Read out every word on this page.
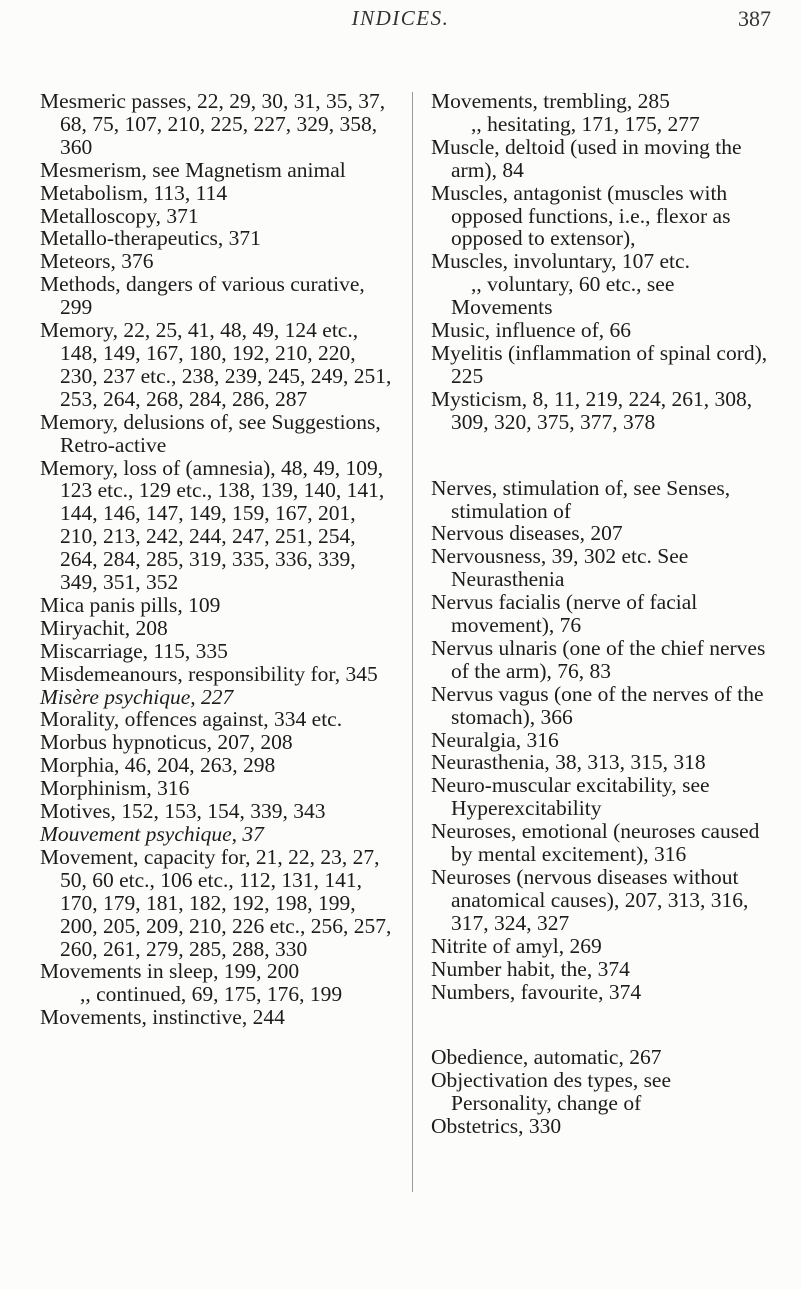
INDICES.	387

Mesmeric passes, 22, 29, 30, 31, 35, 37, 68, 75, 107, 210, 225, 227, 329, 358, 360

Mesmerism, see Magnetism animal

Metabolism, 113, 114

Metalloscopy, 371

Metallo-therapeutics, 371

Meteors, 376

Methods, dangers of various curative, 299

Memory, 22, 25, 41, 48, 49, 124 etc., 148, 149, 167, 180, 192, 210, 220, 230, 237 etc., 238, 239, 245, 249, 251, 253, 264, 268, 284, 286, 287

Memory, delusions of, see Suggestions, Retro-active

Memory, loss of (amnesia), 48, 49, 109, 123 etc., 129 etc., 138, 139, 140, 141, 144, 146, 147, 149, 159, 167, 201, 210, 213, 242, 244, 247, 251, 254, 264, 284, 285, 319, 335, 336, 339, 349, 351, 352

Mica panis pills, 109

Miryachit, 208

Miscarriage, 115, 335

Misdemeanours, responsibility for, 345

Misère psychique, 227

Morality, offences against, 334 etc.

Morbus hypnoticus, 207, 208

Morphia, 46, 204, 263, 298

Morphinism, 316

Motives, 152, 153, 154, 339, 343

Mouvement psychique, 37

Movement, capacity for, 21, 22, 23, 27, 50, 60 etc., 106 etc., 112, 131, 141, 170, 179, 181, 182, 192, 198, 199, 200, 205, 209, 210, 226 etc., 256, 257, 260, 261, 279, 285, 288, 330

Movements in sleep, 199, 200

,, continued, 69, 175, 176, 199

Movements, instinctive, 244

Movements, trembling, 285

,, hesitating, 171, 175, 277

Muscle, deltoid (used in moving the arm), 84

Muscles, antagonist (muscles with opposed functions, i.e., flexor as opposed to extensor),

Muscles, involuntary, 107 etc.

,, voluntary, 60 etc., see Movements

Music, influence of, 66

Myelitis (inflammation of spinal cord), 225

Mysticism, 8, 11, 219, 224, 261, 308, 309, 320, 375, 377, 378

Nerves, stimulation of, see Senses, stimulation of

Nervous diseases, 207

Nervousness, 39, 302 etc. See Neurasthenia

Nervus facialis (nerve of facial movement), 76

Nervus ulnaris (one of the chief nerves of the arm), 76, 83

Nervus vagus (one of the nerves of the stomach), 366

Neuralgia, 316

Neurasthenia, 38, 313, 315, 318

Neuro-muscular excitability, see Hyperexcitability

Neuroses, emotional (neuroses caused by mental excitement), 316

Neuroses (nervous diseases without anatomical causes), 207, 313, 316, 317, 324, 327

Nitrite of amyl, 269

Number habit, the, 374

Numbers, favourite, 374

Obedience, automatic, 267

Objectivation des types, see Personality, change of

Obstetrics, 330
